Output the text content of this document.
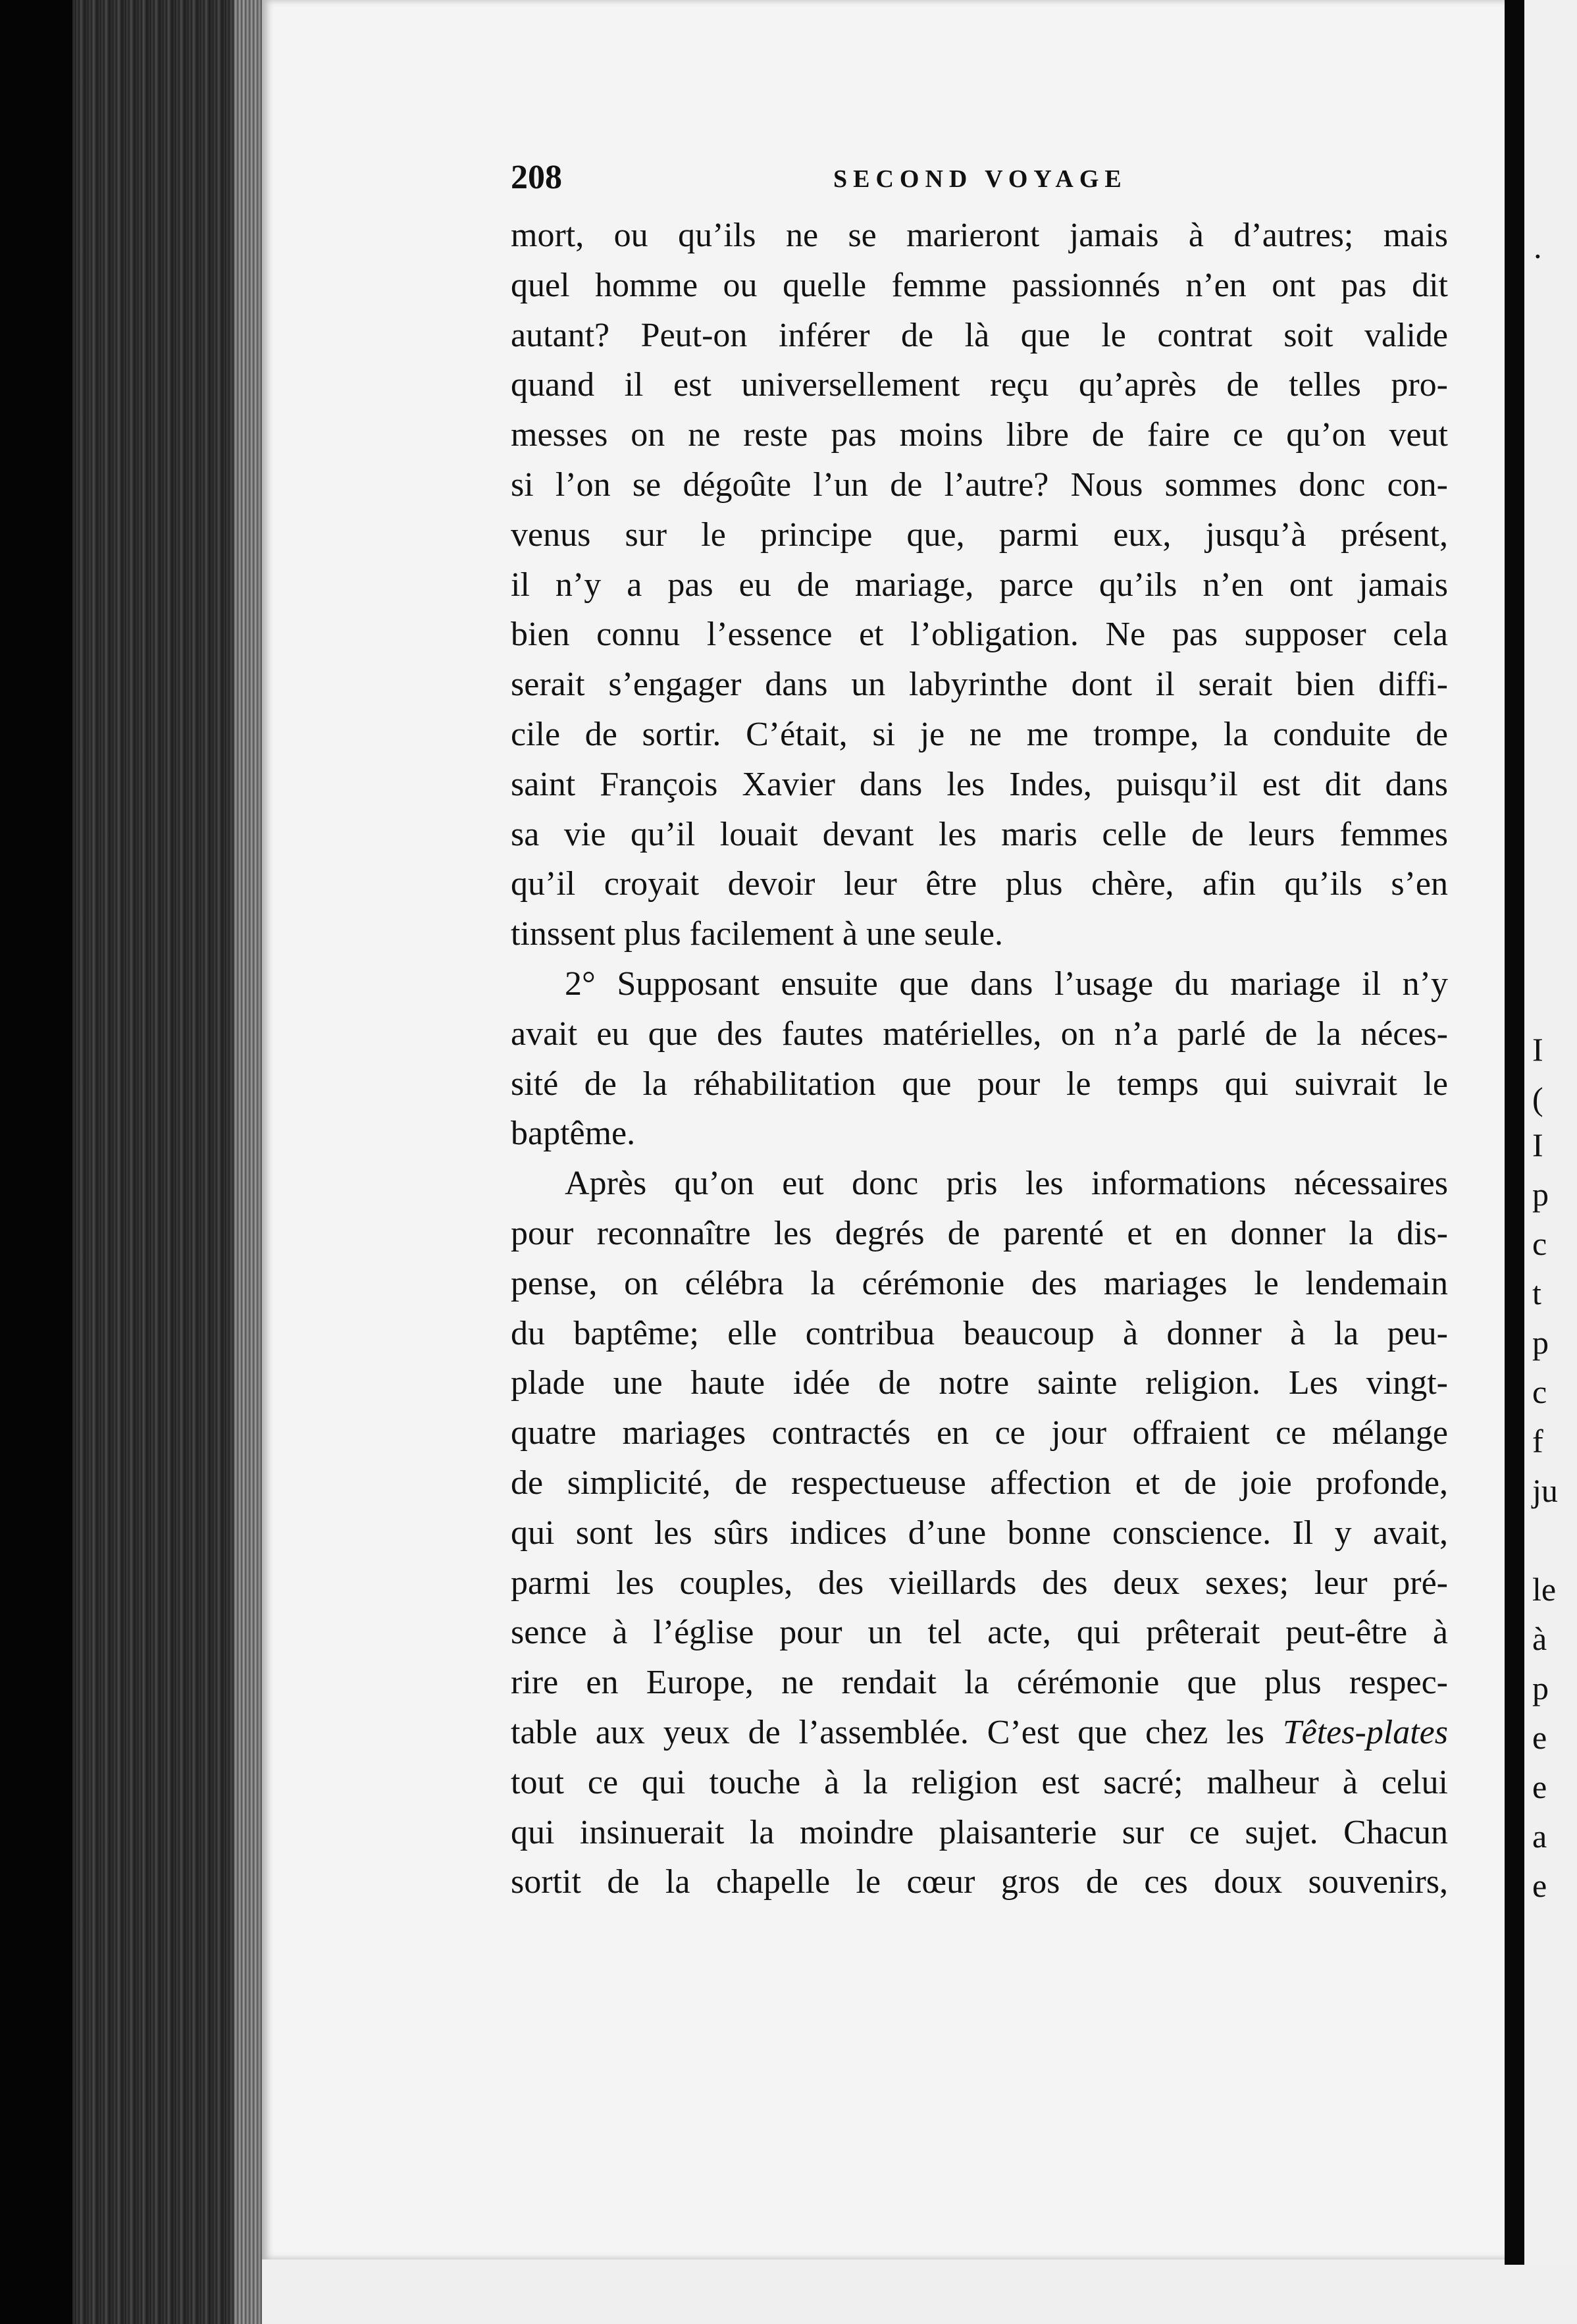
·
I
(
I
p
c
t
p
c
f
ju
le
à
p
e
e
a
e
208	SECOND VOYAGE
mort, ou qu’ils ne se marieront jamais à d’autres; mais
quel homme ou quelle femme passionnés n’en ont pas dit
autant? Peut-on inférer de là que le contrat soit valide
quand il est universellement reçu qu’après de telles pro-
messes on ne reste pas moins libre de faire ce qu’on veut
si l’on se dégoûte l’un de l’autre? Nous sommes donc con-
venus sur le principe que, parmi eux, jusqu’à présent,
il n’y a pas eu de mariage, parce qu’ils n’en ont jamais
bien connu l’essence et l’obligation. Ne pas supposer cela
serait s’engager dans un labyrinthe dont il serait bien diffi-
cile de sortir. C’était, si je ne me trompe, la conduite de
saint François Xavier dans les Indes, puisqu’il est dit dans
sa vie qu’il louait devant les maris celle de leurs femmes
qu’il croyait devoir leur être plus chère, afin qu’ils s’en
tinssent plus facilement à une seule.
2° Supposant ensuite que dans l’usage du mariage il n’y
avait eu que des fautes matérielles, on n’a parlé de la néces-
sité de la réhabilitation que pour le temps qui suivrait le
baptême.
Après qu’on eut donc pris les informations nécessaires
pour reconnaître les degrés de parenté et en donner la dis-
pense, on célébra la cérémonie des mariages le lendemain
du baptême; elle contribua beaucoup à donner à la peu-
plade une haute idée de notre sainte religion. Les vingt-
quatre mariages contractés en ce jour offraient ce mélange
de simplicité, de respectueuse affection et de joie profonde,
qui sont les sûrs indices d’une bonne conscience. Il y avait,
parmi les couples, des vieillards des deux sexes; leur pré-
sence à l’église pour un tel acte, qui prêterait peut-être à
rire en Europe, ne rendait la cérémonie que plus respec-
table aux yeux de l’assemblée. C’est que chez les Têtes-plates
tout ce qui touche à la religion est sacré; malheur à celui
qui insinuerait la moindre plaisanterie sur ce sujet. Chacun
sortit de la chapelle le cœur gros de ces doux souvenirs,
